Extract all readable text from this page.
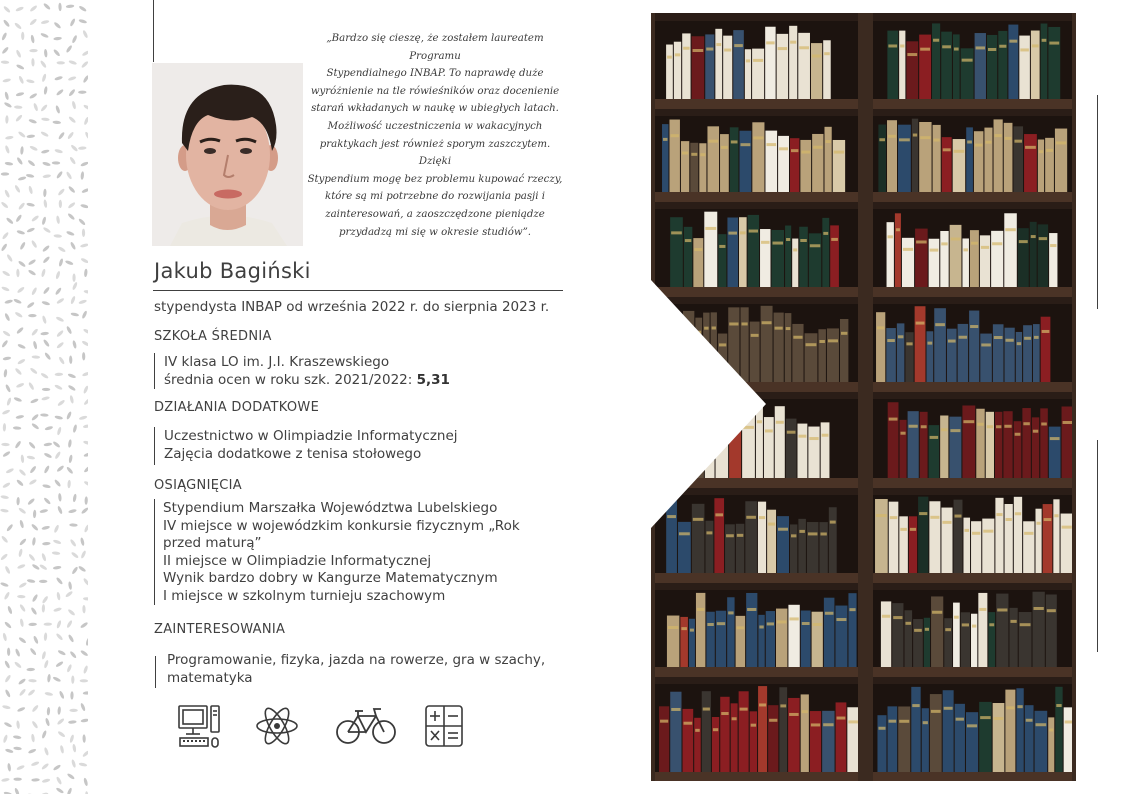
„Bardzo się cieszę, że zostałem laureatem Programu
Stypendialnego INBAP. To naprawdę duże
wyróżnienie na tle rówieśników oraz docenienie
starań wkładanych w naukę w ubiegłych latach.
Możliwość uczestniczenia w wakacyjnych
praktykach jest również sporym zaszczytem. Dzięki
Stypendium mogę bez problemu kupować rzeczy,
które są mi potrzebne do rozwijania pasji i
zainteresowań, a zaoszczędzone pieniądze
przydadzą mi się w okresie studiów”.
Jakub Bagiński
stypendysta INBAP od września 2022 r. do sierpnia 2023 r.
SZKOŁA ŚREDNIA
IV klasa LO im. J.I. Kraszewskiego
średnia ocen w roku szk. 2021/2022: 5,31
DZIAŁANIA DODATKOWE
Uczestnictwo w Olimpiadzie Informatycznej
Zajęcia dodatkowe z tenisa stołowego
OSIĄGNIĘCIA
Stypendium Marszałka Województwa Lubelskiego
IV miejsce w wojewódzkim konkursie fizycznym „Rok
przed maturą”
II miejsce w Olimpiadzie Informatycznej
Wynik bardzo dobry w Kangurze Matematycznym
I miejsce w szkolnym turnieju szachowym
ZAINTERESOWANIA
Programowanie, fizyka, jazda na rowerze, gra w szachy,
matematyka
